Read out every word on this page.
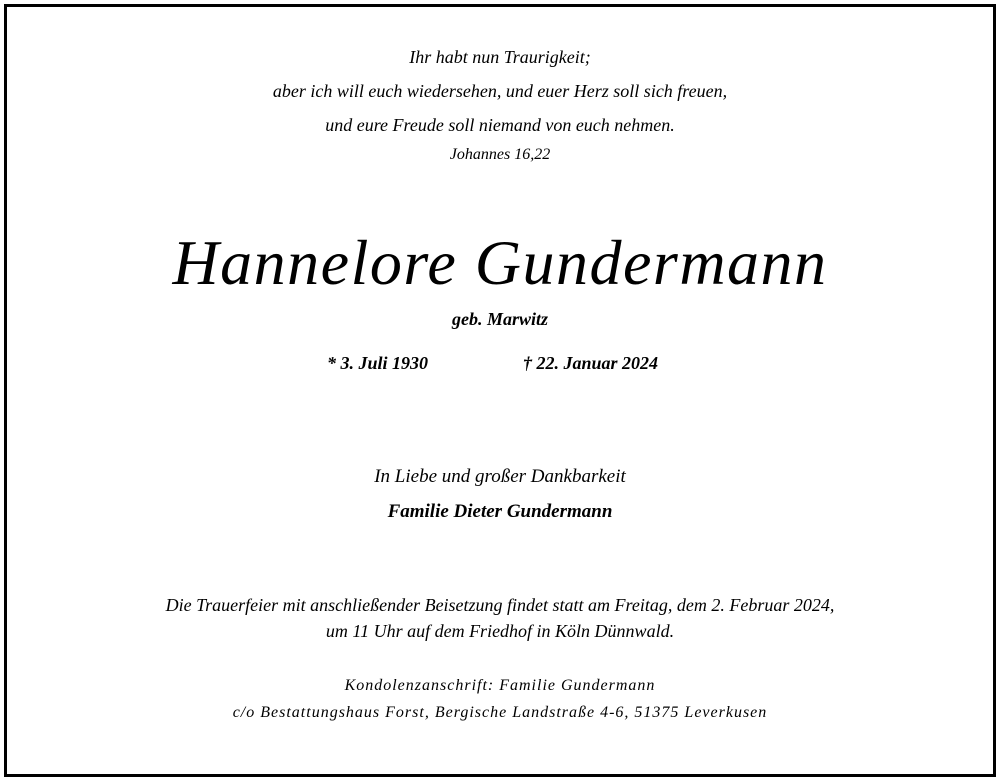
Ihr habt nun Traurigkeit;
aber ich will euch wiedersehen, und euer Herz soll sich freuen,
und eure Freude soll niemand von euch nehmen.
Johannes 16,22
Hannelore Gundermann
geb. Marwitz
* 3. Juli 1930	† 22. Januar 2024
In Liebe und großer Dankbarkeit
Familie Dieter Gundermann
Die Trauerfeier mit anschließender Beisetzung findet statt am Freitag, dem 2. Februar 2024,
um 11 Uhr auf dem Friedhof in Köln Dünnwald.
Kondolenzanschrift: Familie Gundermann
c/o Bestattungshaus Forst, Bergische Landstraße 4-6, 51375 Leverkusen
